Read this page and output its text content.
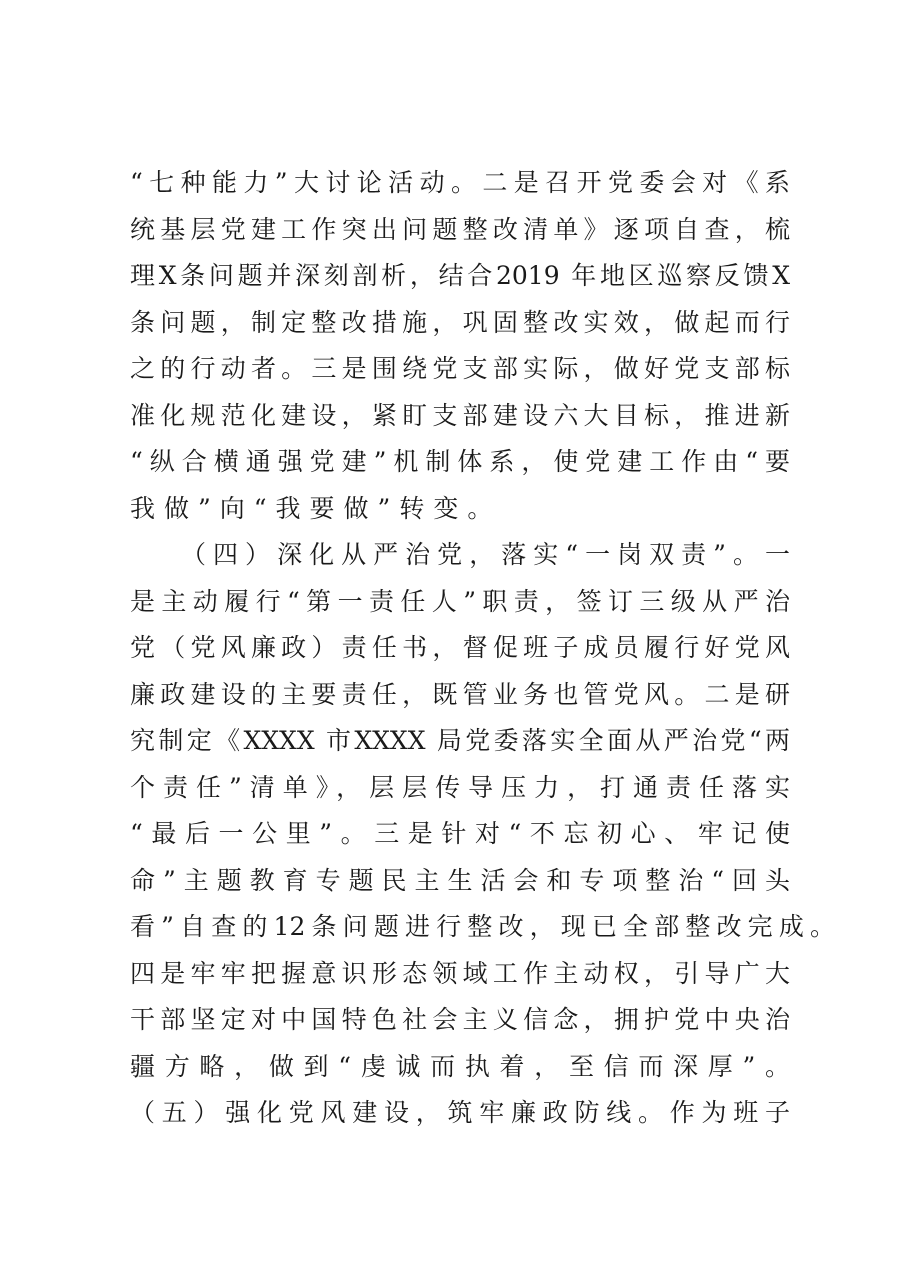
“七种能力”大讨论活动。二是召开党委会对《系
统基层党建工作突出问题整改清单》逐项自查，梳
理X条问题并深刻剖析，结合2019 年地区巡察反馈X
条问题，制定整改措施，巩固整改实效，做起而行
之的行动者。三是围绕党支部实际，做好党支部标
准化规范化建设，紧盯支部建设六大目标，推进新
“纵合横通强党建”机制体系，使党建工作由“要
我做”向“我要做”转变。
（四）深化从严治党，落实“一岗双责”。一
是主动履行“第一责任人”职责，签订三级从严治
党（党风廉政）责任书，督促班子成员履行好党风
廉政建设的主要责任，既管业务也管党风。二是研
究制定《XXXX 市XXXX 局党委落实全面从严治党“两
个责任”清单》，层层传导压力，打通责任落实
“最后一公里”。三是针对“不忘初心、牢记使
命”主题教育专题民主生活会和专项整治“回头
看”自查的12条问题进行整改，现已全部整改完成。
四是牢牢把握意识形态领域工作主动权，引导广大
干部坚定对中国特色社会主义信念，拥护党中央治
疆方略，做到“虔诚而执着，至信而深厚”。
（五）强化党风建设，筑牢廉政防线。作为班子
